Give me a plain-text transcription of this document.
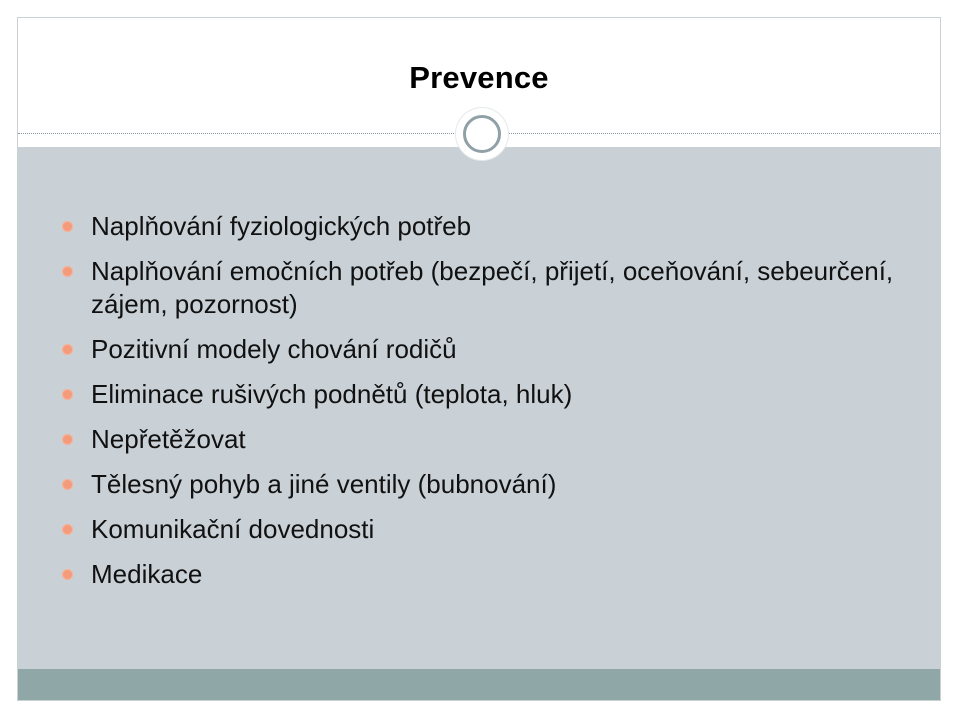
Prevence
Naplňování fyziologických potřeb
Naplňování emočních potřeb (bezpečí, přijetí, oceňování, sebeurčení, zájem, pozornost)
Pozitivní modely chování rodičů
Eliminace rušivých podnětů (teplota, hluk)
Nepřetěžovat
Tělesný pohyb a jiné ventily (bubnování)
Komunikační dovednosti
Medikace
